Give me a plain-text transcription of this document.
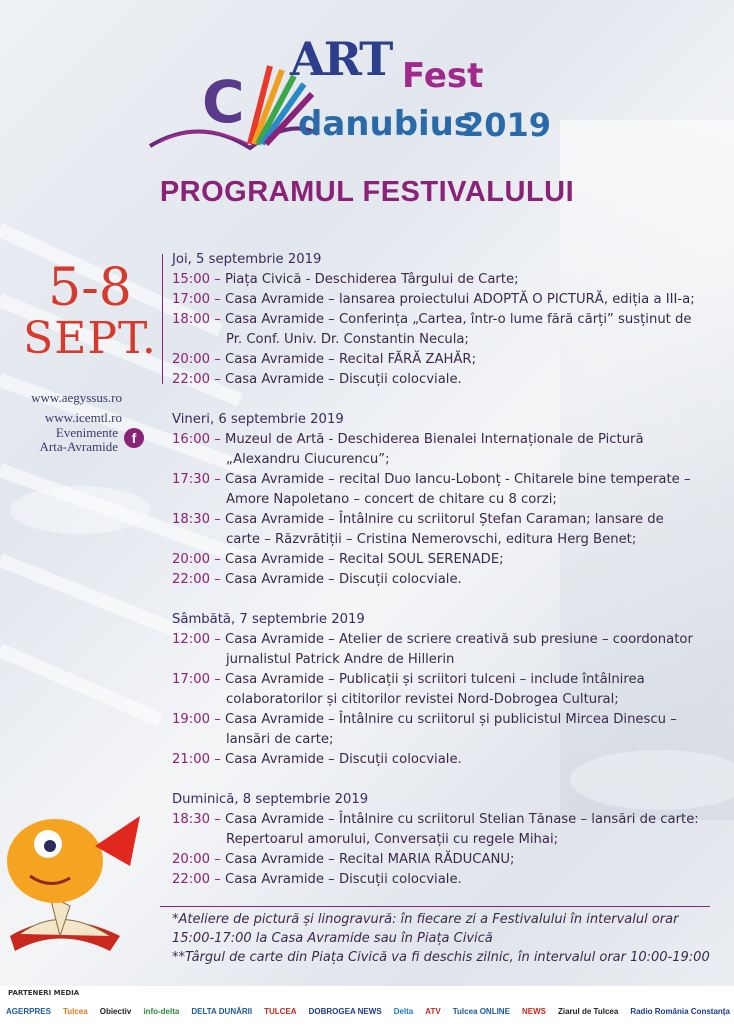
C
ART Fest
danubius
2019
PROGRAMUL FESTIVALULUI
5-8
SEPT.
www.aegyssus.ro
www.icemtl.ro
Evenimente
Arta-Avramide
f
Joi, 5 septembrie 2019
15:00 – Piața Civică - Deschiderea Târgului de Carte;
17:00 – Casa Avramide – lansarea proiectului ADOPTĂ O PICTURĂ, ediția a III-a;
18:00 – Casa Avramide – Conferința „Cartea, într-o lume fără cărți” susținut de
Pr. Conf. Univ. Dr. Constantin Necula;
20:00 – Casa Avramide – Recital FĂRĂ ZAHĂR;
22:00 – Casa Avramide – Discuții colocviale.
Vineri, 6 septembrie 2019
16:00 – Muzeul de Artă - Deschiderea Bienalei Internaționale de Pictură
„Alexandru Ciucurencu”;
17:30 – Casa Avramide – recital Duo Iancu-Lobonț - Chitarele bine temperate –
Amore Napoletano – concert de chitare cu 8 corzi;
18:30 – Casa Avramide – Întâlnire cu scriitorul Ștefan Caraman; lansare de
carte – Răzvrătiții – Cristina Nemerovschi, editura Herg Benet;
20:00 – Casa Avramide – Recital SOUL SERENADE;
22:00 – Casa Avramide – Discuții colocviale.
Sâmbătă, 7 septembrie 2019
12:00 – Casa Avramide – Atelier de scriere creativă sub presiune – coordonator
jurnalistul Patrick Andre de Hillerin
17:00 – Casa Avramide – Publicații și scriitori tulceni – include întâlnirea
colaboratorilor și cititorilor revistei Nord-Dobrogea Cultural;
19:00 – Casa Avramide – Întâlnire cu scriitorul și publicistul Mircea Dinescu –
lansări de carte;
21:00 – Casa Avramide – Discuții colocviale.
Duminică, 8 septembrie 2019
18:30 – Casa Avramide – Întâlnire cu scriitorul Stelian Tănase – lansări de carte:
Repertoarul amorului, Conversații cu regele Mihai;
20:00 – Casa Avramide – Recital MARIA RĂDUCANU;
22:00 – Casa Avramide – Discuții colocviale.
*Ateliere de pictură și linogravură: în fiecare zi a Festivalului în intervalul orar
15:00-17:00 la Casa Avramide sau în Piața Civică
**Târgul de carte din Piața Civică va fi deschis zilnic, în intervalul orar 10:00-19:00
PARTENERI MEDIA
AGERPRES Tulcea Obiectiv info-delta DELTA DUNĂRII TULCEA DOBROGEA NEWS Delta ATV Tulcea ONLINE NEWS Ziarul de Tulcea Radio România Constanța
